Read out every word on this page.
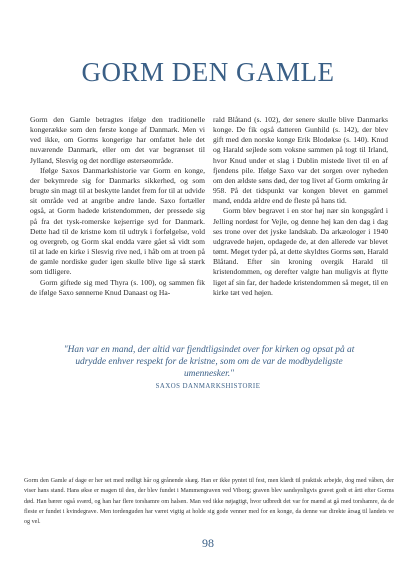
GORM DEN GAMLE

Gorm den Gamle betragtes ifølge den traditionelle kongerække som den første konge af Danmark. Men vi ved ikke, om Gorms kongerige har omfattet hele det nuværende Danmark, eller om det var begrænset til Jylland, Slesvig og det nordlige østersøområde.

Ifølge Saxos Danmarkshistorie var Gorm en konge, der bekymrede sig for Danmarks sikkerhed, og som brugte sin magt til at beskytte landet frem for til at udvide sit område ved at angribe andre lande. Saxo fortæller også, at Gorm hadede kristendommen, der pressede sig på fra det tysk-romerske kejserrige syd for Danmark. Dette had til de kristne kom til udtryk i forfølgelse, vold og overgreb, og Gorm skal endda være gået så vidt som til at lade en kirke i Slesvig rive ned, i håb om at troen på de gamle nordiske guder igen skulle blive lige så stærk som tidligere.

Gorm giftede sig med Thyra (s. 100), og sammen fik de ifølge Saxo sønnerne Knud Danaast og Ha-

rald Blåtand (s. 102), der senere skulle blive Danmarks konge. De fik også datteren Gunhild (s. 142), der blev gift med den norske konge Erik Blodøkse (s. 140). Knud og Harald sejlede som voksne sammen på togt til Irland, hvor Knud under et slag i Dublin mistede livet til en af fjendens pile. Ifølge Saxo var det sorgen over nyheden om den ældste søns død, der tog livet af Gorm omkring år 958. På det tidspunkt var kongen blevet en gammel mand, endda ældre end de fleste på hans tid.

Gorm blev begravet i en stor høj nær sin kongsgård i Jelling nordøst for Vejle, og denne høj kan den dag i dag ses trone over det jyske landskab. Da arkæologer i 1940 udgravede højen, opdagede de, at den allerede var blevet tømt. Meget tyder på, at dette skyldtes Gorms søn, Harald Blåtand. Efter sin kroning overgik Harald til kristendommen, og derefter valgte han muligvis at flytte liget af sin far, der hadede kristendommen så meget, til en kirke tæt ved højen.

"Han var en mand, der altid var fjendtligsindet over for kirken og opsat på at udrydde enhver respekt for de kristne, som om de var de modbydeligste umennesker."
SAXOS DANMARKSHISTORIE
Gorm den Gamle af dage er her set med rødligt hår og grånende skæg. Han er ikke pyntet til fest, men klædt til praktisk arbejde, dog med våben, der viser hans stand. Hans økse er magen til den, der blev fundet i Mammengraven ved Viborg; graven blev sandsynligvis gravet godt et årti efter Gorms død. Han bærer også sværd, og han har flere torshamre om halsen. Man ved ikke nøjagtigt, hvor udbredt det var for mænd at gå med torshamre, da de fleste er fundet i kvindegrave. Men tordenguden har været vigtig at holde sig gode venner med for en konge, da denne var direkte årsag til landets ve og vel.
98
